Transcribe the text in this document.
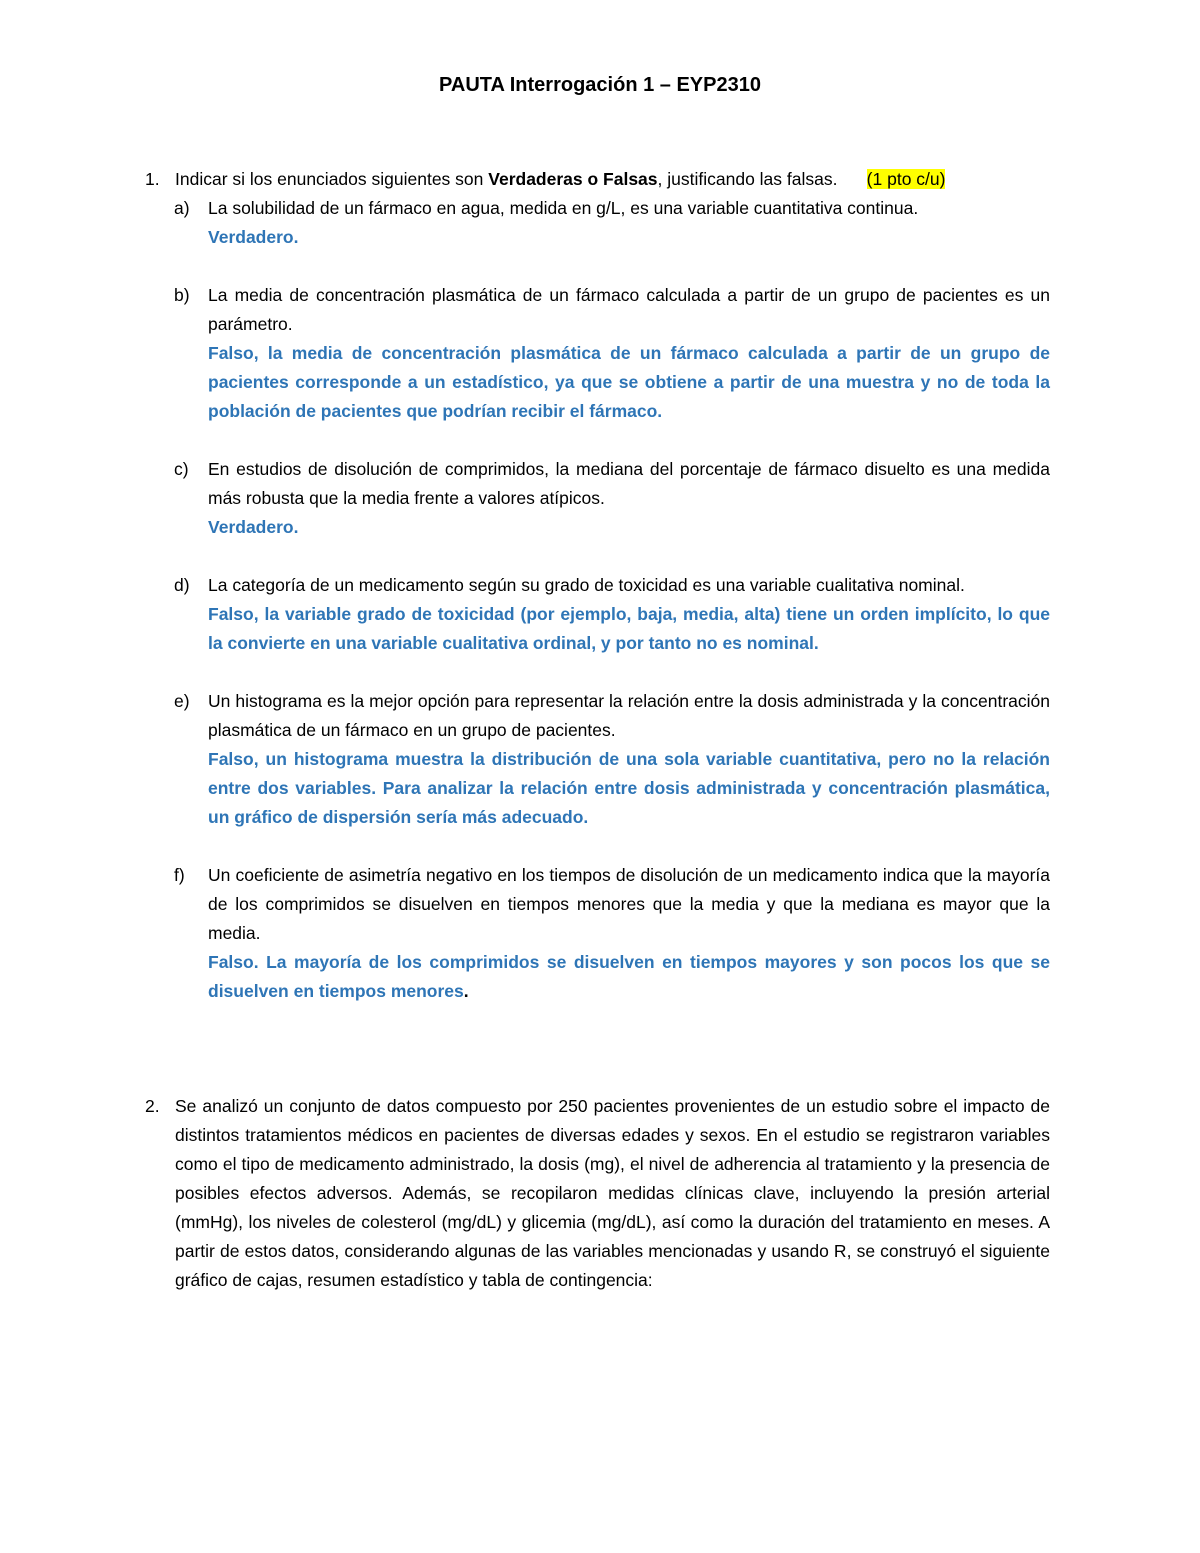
PAUTA Interrogación 1 – EYP2310
1. Indicar si los enunciados siguientes son Verdaderas o Falsas, justificando las falsas. (1 pto c/u)
a) La solubilidad de un fármaco en agua, medida en g/L, es una variable cuantitativa continua.
Verdadero.
b) La media de concentración plasmática de un fármaco calculada a partir de un grupo de pacientes es un parámetro.
Falso, la media de concentración plasmática de un fármaco calculada a partir de un grupo de pacientes corresponde a un estadístico, ya que se obtiene a partir de una muestra y no de toda la población de pacientes que podrían recibir el fármaco.
c) En estudios de disolución de comprimidos, la mediana del porcentaje de fármaco disuelto es una medida más robusta que la media frente a valores atípicos.
Verdadero.
d) La categoría de un medicamento según su grado de toxicidad es una variable cualitativa nominal.
Falso, la variable grado de toxicidad (por ejemplo, baja, media, alta) tiene un orden implícito, lo que la convierte en una variable cualitativa ordinal, y por tanto no es nominal.
e) Un histograma es la mejor opción para representar la relación entre la dosis administrada y la concentración plasmática de un fármaco en un grupo de pacientes.
Falso, un histograma muestra la distribución de una sola variable cuantitativa, pero no la relación entre dos variables. Para analizar la relación entre dosis administrada y concentración plasmática, un gráfico de dispersión sería más adecuado.
f) Un coeficiente de asimetría negativo en los tiempos de disolución de un medicamento indica que la mayoría de los comprimidos se disuelven en tiempos menores que la media y que la mediana es mayor que la media.
Falso. La mayoría de los comprimidos se disuelven en tiempos mayores y son pocos los que se disuelven en tiempos menores.
2. Se analizó un conjunto de datos compuesto por 250 pacientes provenientes de un estudio sobre el impacto de distintos tratamientos médicos en pacientes de diversas edades y sexos. En el estudio se registraron variables como el tipo de medicamento administrado, la dosis (mg), el nivel de adherencia al tratamiento y la presencia de posibles efectos adversos. Además, se recopilaron medidas clínicas clave, incluyendo la presión arterial (mmHg), los niveles de colesterol (mg/dL) y glicemia (mg/dL), así como la duración del tratamiento en meses. A partir de estos datos, considerando algunas de las variables mencionadas y usando R, se construyó el siguiente gráfico de cajas, resumen estadístico y tabla de contingencia:
